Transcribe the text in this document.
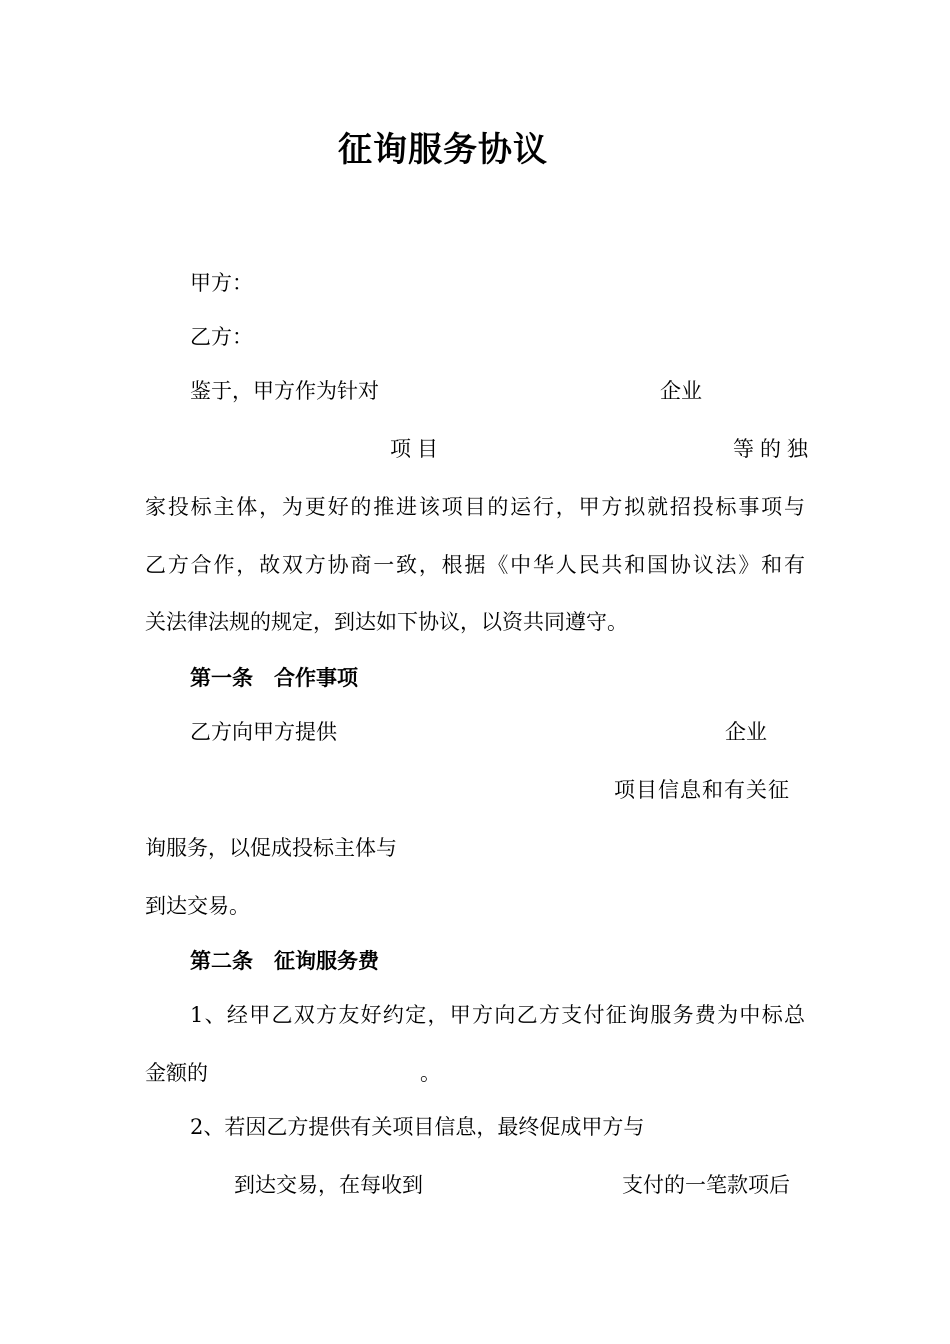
征询服务协议
甲方：
乙方：
鉴于，甲方作为针对	企业
项目	等的独
家投标主体，为更好的推进该项目的运行，甲方拟就招投标事项与
乙方合作，故双方协商一致，根据《中华人民共和国协议法》和有
关法律法规的规定，到达如下协议，以资共同遵守。
第一条　合作事项
乙方向甲方提供	企业
项目信息和有关征
询服务，以促成投标主体与
到达交易。
第二条　征询服务费
1、经甲乙双方友好约定，甲方向乙方支付征询服务费为中标总
金额的	。
2、若因乙方提供有关项目信息，最终促成甲方与
到达交易，在每收到	支付的一笔款项后
